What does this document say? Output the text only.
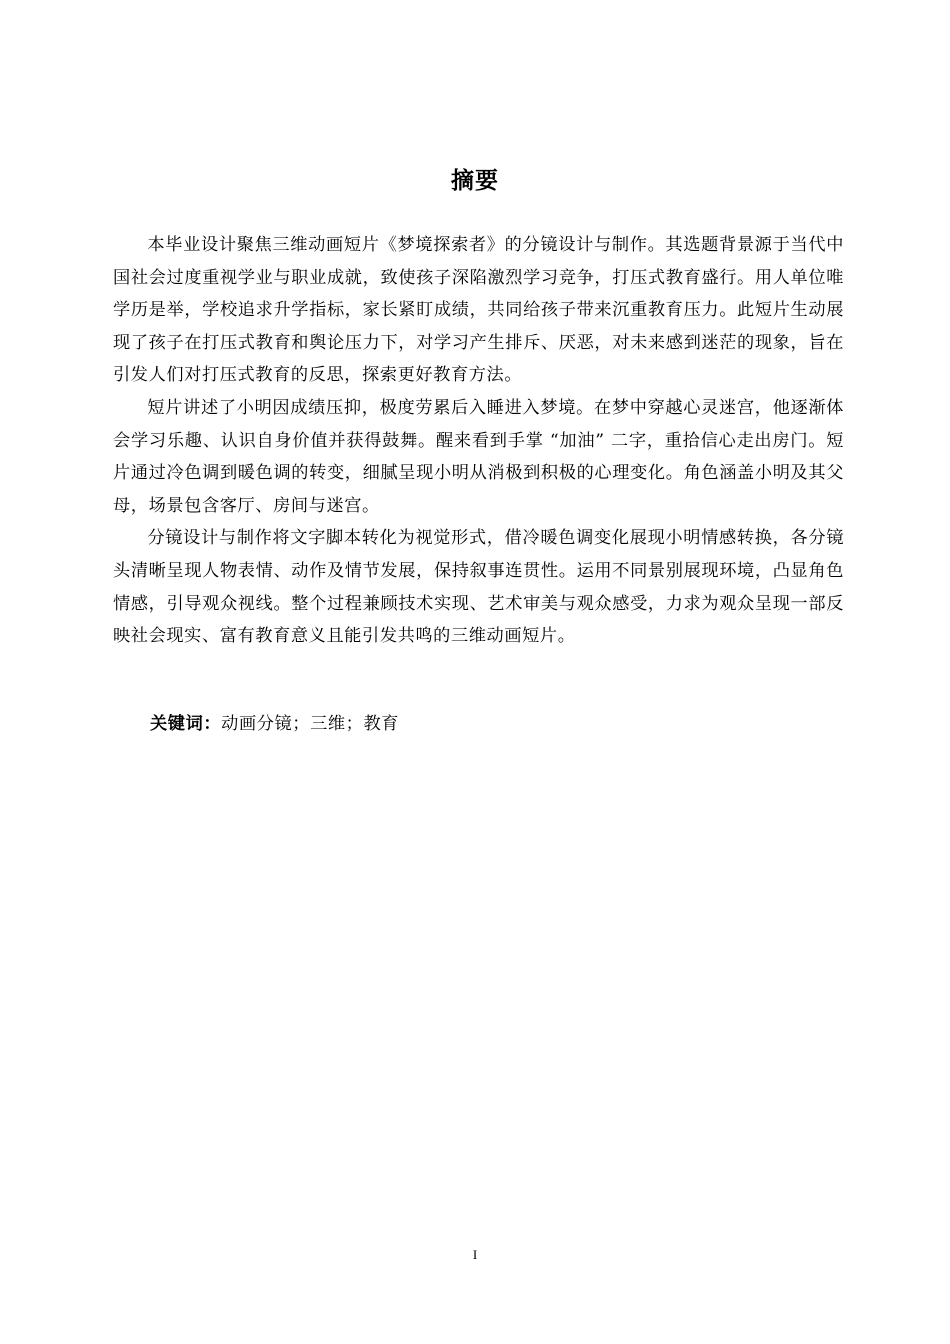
摘要

本毕业设计聚焦三维动画短片《梦境探索者》的分镜设计与制作。其选题背景源于当代中国社会过度重视学业与职业成就，致使孩子深陷激烈学习竞争，打压式教育盛行。用人单位唯学历是举，学校追求升学指标，家长紧盯成绩，共同给孩子带来沉重教育压力。此短片生动展现了孩子在打压式教育和舆论压力下，对学习产生排斥、厌恶，对未来感到迷茫的现象，旨在引发人们对打压式教育的反思，探索更好教育方法。

短片讲述了小明因成绩压抑，极度劳累后入睡进入梦境。在梦中穿越心灵迷宫，他逐渐体会学习乐趣、认识自身价值并获得鼓舞。醒来看到手掌 “加油” 二字，重拾信心走出房门。短片通过冷色调到暖色调的转变，细腻呈现小明从消极到积极的心理变化。角色涵盖小明及其父母，场景包含客厅、房间与迷宫。

分镜设计与制作将文字脚本转化为视觉形式，借冷暖色调变化展现小明情感转换，各分镜头清晰呈现人物表情、动作及情节发展，保持叙事连贯性。运用不同景别展现环境，凸显角色情感，引导观众视线。整个过程兼顾技术实现、艺术审美与观众感受，力求为观众呈现一部反映社会现实、富有教育意义且能引发共鸣的三维动画短片。

关键词：动画分镜；三维；教育
I
